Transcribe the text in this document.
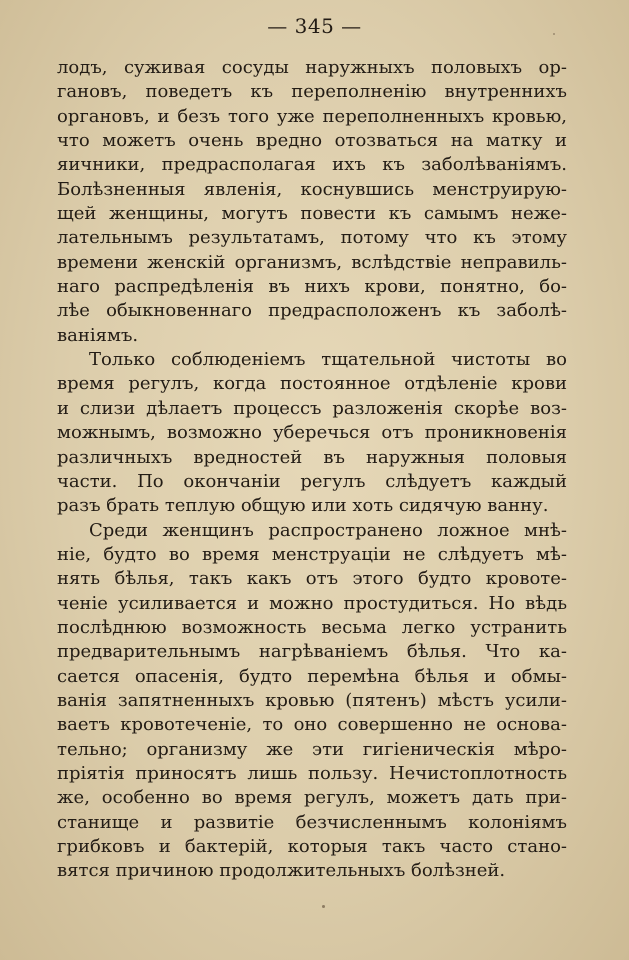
— 345 —
лодъ, суживая сосуды наружныхъ половыхъ ор-
гановъ, поведетъ къ переполненію внутреннихъ
органовъ, и безъ того уже переполненныхъ кровью,
что можетъ очень вредно отозваться на матку и
яичники, предрасполагая ихъ къ заболѣваніямъ.
Болѣзненныя явленія, коснувшись менструирую-
щей женщины, могутъ повести къ самымъ неже-
лательнымъ результатамъ, потому что къ этому
времени женскій организмъ, вслѣдствіе неправиль-
наго распредѣленія въ нихъ крови, понятно, бо-
лѣе обыкновеннаго предрасположенъ къ заболѣ-
ваніямъ.
Только соблюденіемъ тщательной чистоты во
время регулъ, когда постоянное отдѣленіе крови
и слизи дѣлаетъ процессъ разложенія скорѣе воз-
можнымъ, возможно уберечься отъ проникновенія
различныхъ вредностей въ наружныя половыя
части. По окончаніи регулъ слѣдуетъ каждый
разъ брать теплую общую или хоть сидячую ванну.
Среди женщинъ распространено ложное мнѣ-
ніе, будто во время менструаціи не слѣдуетъ мѣ-
нять бѣлья, такъ какъ отъ этого будто кровоте-
ченіе усиливается и можно простудиться. Но вѣдь
послѣднюю возможность весьма легко устранить
предварительнымъ нагрѣваніемъ бѣлья. Что ка-
сается опасенія, будто перемѣна бѣлья и обмы-
ванія запятненныхъ кровью (пятенъ) мѣстъ усили-
ваетъ кровотеченіе, то оно совершенно не основа-
тельно; организму же эти гигіеническія мѣро-
пріятія приносятъ лишь пользу. Нечистоплотность
же, особенно во время регулъ, можетъ дать при-
станище и развитіе безчисленнымъ колоніямъ
грибковъ и бактерій, которыя такъ часто стано-
вятся причиною продолжительныхъ болѣзней.
